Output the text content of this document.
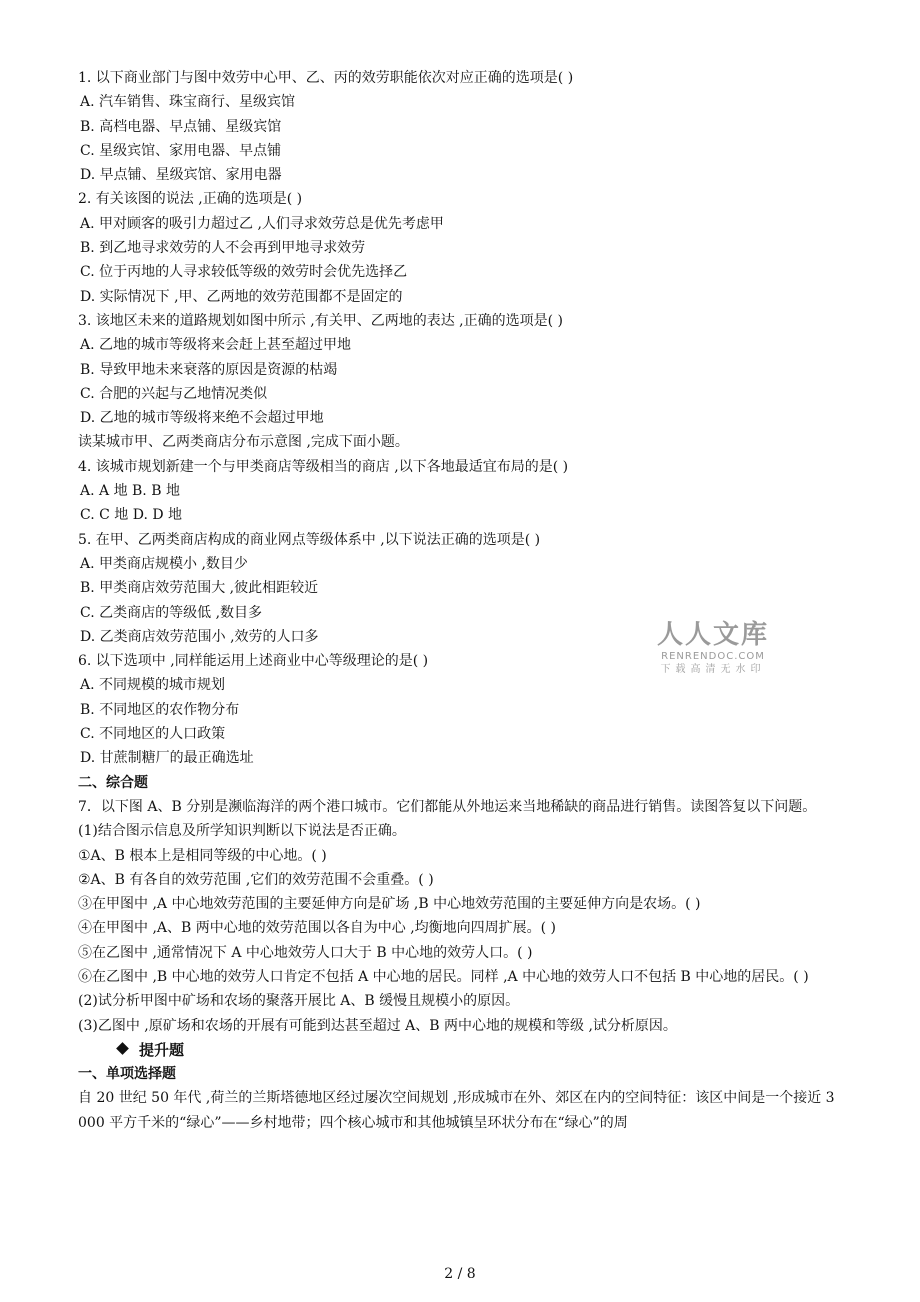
1. 以下商业部门与图中效劳中心甲、乙、丙的效劳职能依次对应正确的选项是( )
A. 汽车销售、珠宝商行、星级宾馆
B. 高档电器、早点铺、星级宾馆
C. 星级宾馆、家用电器、早点铺
D. 早点铺、星级宾馆、家用电器
2. 有关该图的说法 ,正确的选项是( )
A. 甲对顾客的吸引力超过乙 ,人们寻求效劳总是优先考虑甲
B. 到乙地寻求效劳的人不会再到甲地寻求效劳
C. 位于丙地的人寻求较低等级的效劳时会优先选择乙
D. 实际情况下 ,甲、乙两地的效劳范围都不是固定的
3. 该地区未来的道路规划如图中所示 ,有关甲、乙两地的表达 ,正确的选项是( )
A. 乙地的城市等级将来会赶上甚至超过甲地
B. 导致甲地未来衰落的原因是资源的枯竭
C. 合肥的兴起与乙地情况类似
D. 乙地的城市等级将来绝不会超过甲地
读某城市甲、乙两类商店分布示意图 ,完成下面小题。
4. 该城市规划新建一个与甲类商店等级相当的商店 ,以下各地最适宜布局的是( )
A. A 地 B. B 地
C. C 地 D. D 地
5. 在甲、乙两类商店构成的商业网点等级体系中 ,以下说法正确的选项是( )
A. 甲类商店规模小 ,数目少
B. 甲类商店效劳范围大 ,彼此相距较近
C. 乙类商店的等级低 ,数目多
D. 乙类商店效劳范围小 ,效劳的人口多
6. 以下选项中 ,同样能运用上述商业中心等级理论的是( )
A. 不同规模的城市规划
B. 不同地区的农作物分布
C. 不同地区的人口政策
D. 甘蔗制糖厂的最正确选址
二、综合题
7．以下图 A、B 分别是濒临海洋的两个港口城市。它们都能从外地运来当地稀缺的商品进行销售。读图答复以下问题。
(1)结合图示信息及所学知识判断以下说法是否正确。
①A、B 根本上是相同等级的中心地。( )
②A、B 有各自的效劳范围 ,它们的效劳范围不会重叠。( )
③在甲图中 ,A 中心地效劳范围的主要延伸方向是矿场 ,B 中心地效劳范围的主要延伸方向是农场。( )
④在甲图中 ,A、B 两中心地的效劳范围以各自为中心 ,均衡地向四周扩展。( )
⑤在乙图中 ,通常情况下 A 中心地效劳人口大于 B 中心地的效劳人口。( )
⑥在乙图中 ,B 中心地的效劳人口肯定不包括 A 中心地的居民。同样 ,A 中心地的效劳人口不包括 B 中心地的居民。( )
(2)试分析甲图中矿场和农场的聚落开展比 A、B 缓慢且规模小的原因。
(3)乙图中 ,原矿场和农场的开展有可能到达甚至超过 A、B 两中心地的规模和等级 ,试分析原因。
提升题
一、单项选择题
自 20 世纪 50 年代 ,荷兰的兰斯塔德地区经过屡次空间规划 ,形成城市在外、郊区在内的空间特征：该区中间是一个接近 3 000 平方千米的“绿心”——乡村地带；四个核心城市和其他城镇呈环状分布在“绿心”的周
人人文库
RENRENDOC.COM
下载高清无水印
2 / 8
